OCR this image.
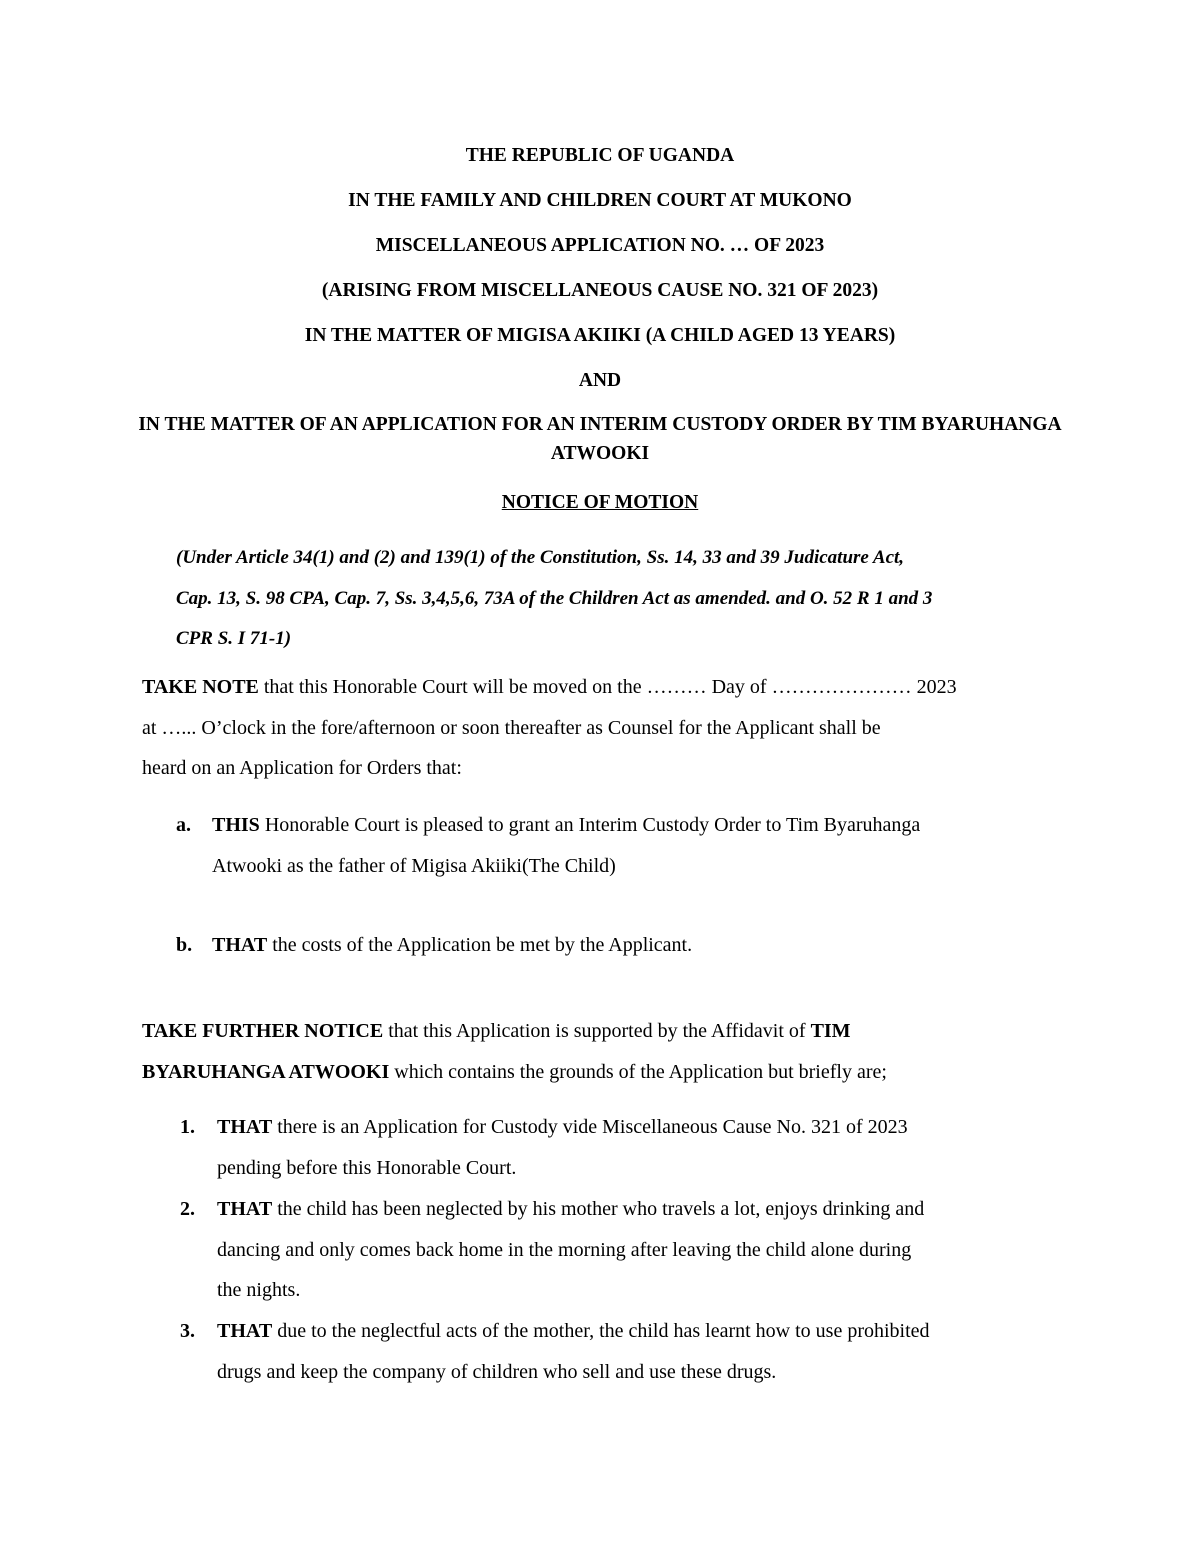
THE REPUBLIC OF UGANDA
IN THE FAMILY AND CHILDREN COURT AT MUKONO
MISCELLANEOUS APPLICATION NO. … OF 2023
(ARISING FROM MISCELLANEOUS CAUSE NO. 321 OF 2023)
IN THE MATTER OF MIGISA AKIIKI (A CHILD AGED 13 YEARS)
AND
IN THE MATTER OF AN APPLICATION FOR AN INTERIM CUSTODY ORDER BY TIM BYARUHANGA ATWOOKI
NOTICE OF MOTION
(Under Article 34(1) and (2) and 139(1) of the Constitution, Ss. 14, 33 and 39 Judicature Act,
Cap. 13, S. 98 CPA, Cap. 7, Ss. 3,4,5,6, 73A of the Children Act as amended. and O. 52 R 1 and 3
CPR S. I 71-1)
TAKE NOTE that this Honorable Court will be moved on the ……… Day of ………………… 2023
at …... O’clock in the fore/afternoon or soon thereafter as Counsel for the Applicant shall be
heard on an Application for Orders that:
a. THIS Honorable Court is pleased to grant an Interim Custody Order to Tim Byaruhanga
Atwooki as the father of Migisa Akiiki(The Child)
b. THAT the costs of the Application be met by the Applicant.
TAKE FURTHER NOTICE that this Application is supported by the Affidavit of TIM
BYARUHANGA ATWOOKI which contains the grounds of the Application but briefly are;
1. THAT there is an Application for Custody vide Miscellaneous Cause No. 321 of 2023
pending before this Honorable Court.
2. THAT the child has been neglected by his mother who travels a lot, enjoys drinking and
dancing and only comes back home in the morning after leaving the child alone during
the nights.
3. THAT due to the neglectful acts of the mother, the child has learnt how to use prohibited
drugs and keep the company of children who sell and use these drugs.
